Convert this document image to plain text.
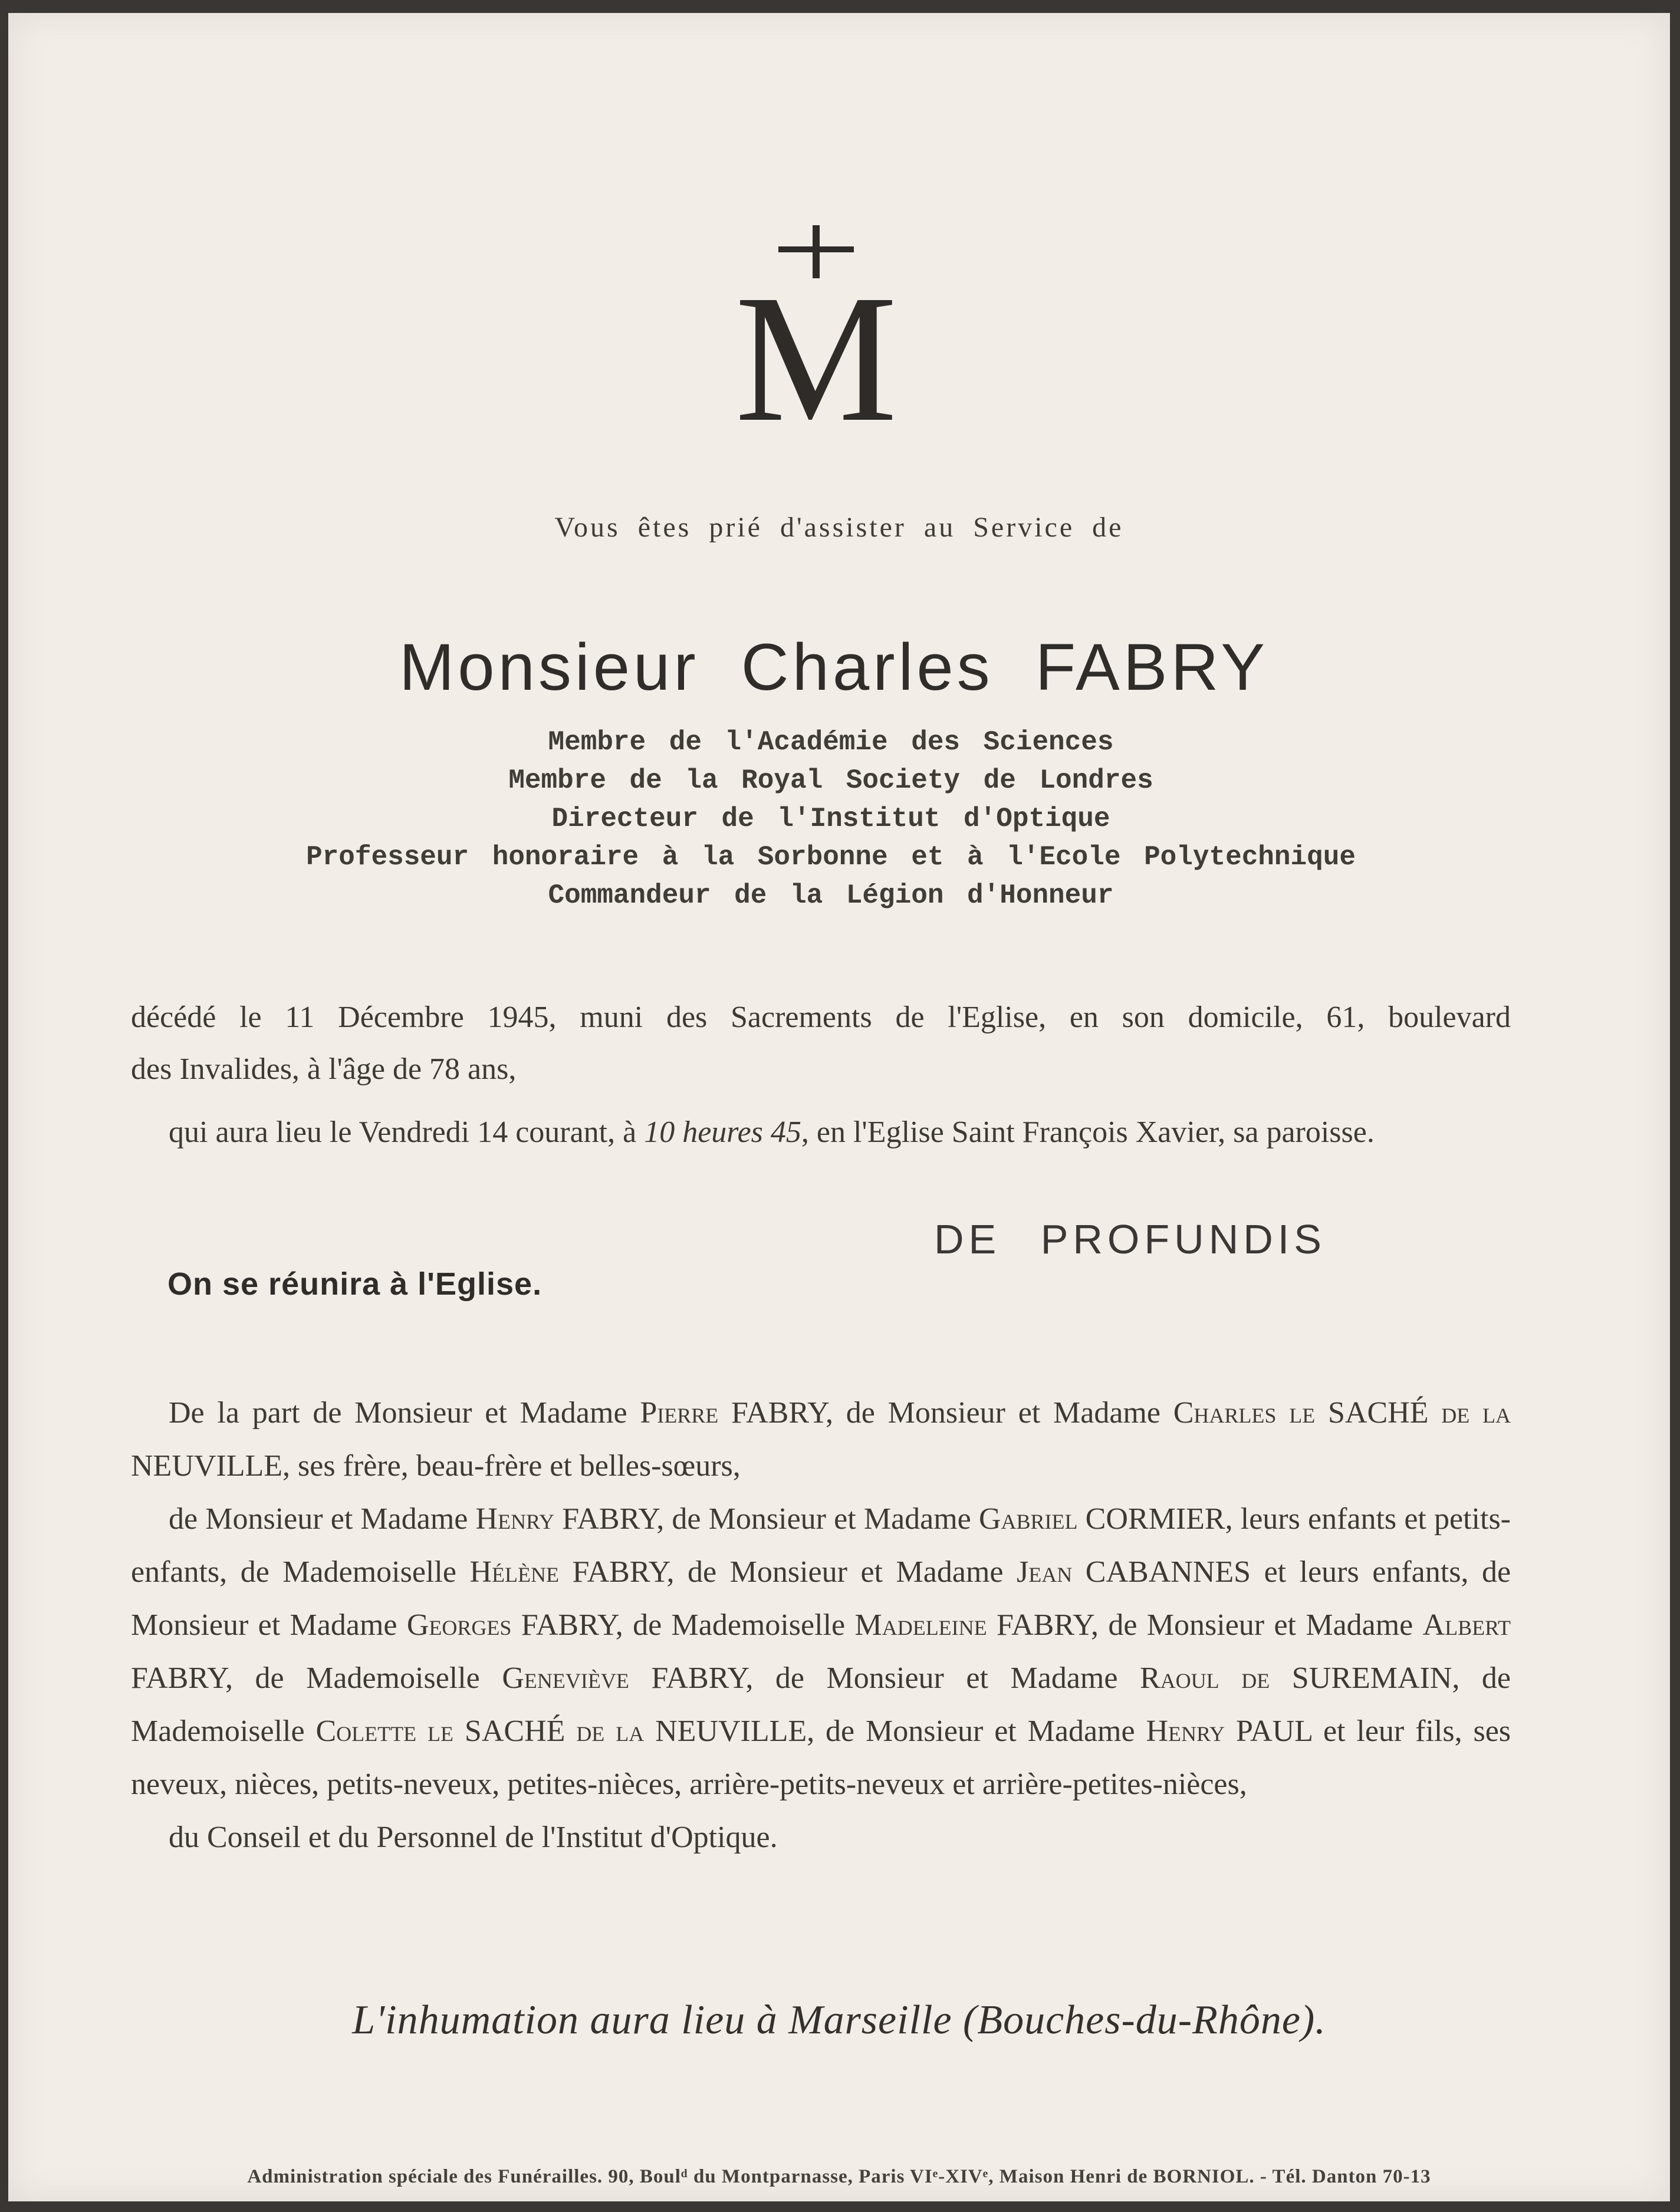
M
Vous êtes prié d'assister au Service de
Monsieur Charles FABRY
Membre de l'Académie des Sciences
Membre de la Royal Society de Londres
Directeur de l'Institut d'Optique
Professeur honoraire à la Sorbonne et à l'Ecole Polytechnique
Commandeur de la Légion d'Honneur
décédé le 11 Décembre 1945, muni des Sacrements de l'Eglise, en son domicile, 61, boulevard

des Invalides, à l'âge de 78 ans,
qui aura lieu le Vendredi 14 courant, à 10 heures 45, en l'Eglise Saint François Xavier, sa paroisse.
DE PROFUNDIS
On se réunira à l'Eglise.
De la part de Monsieur et Madame Pierre FABRY, de Monsieur et Madame Charles le SACHÉ de la NEUVILLE, ses frère, beau-frère et belles-sœurs,
de Monsieur et Madame Henry FABRY, de Monsieur et Madame Gabriel CORMIER, leurs enfants et petits-enfants, de Mademoiselle Hélène FABRY, de Monsieur et Madame Jean CABANNES et leurs enfants, de Monsieur et Madame Georges FABRY, de Mademoiselle Madeleine FABRY, de Monsieur et Madame Albert FABRY, de Mademoiselle Geneviève FABRY, de Monsieur et Madame Raoul de SUREMAIN, de Mademoiselle Colette le SACHÉ de la NEUVILLE, de Monsieur et Madame Henry PAUL et leur fils, ses neveux, nièces, petits-neveux, petites-nièces, arrière-petits-neveux et arrière-petites-nièces,
du Conseil et du Personnel de l'Institut d'Optique.
L'inhumation aura lieu à Marseille (Bouches-du-Rhône).
Administration spéciale des Funérailles. 90, Boulᵈ du Montparnasse, Paris VIᵉ-XIVᵉ, Maison Henri de BORNIOL. - Tél. Danton 70-13
